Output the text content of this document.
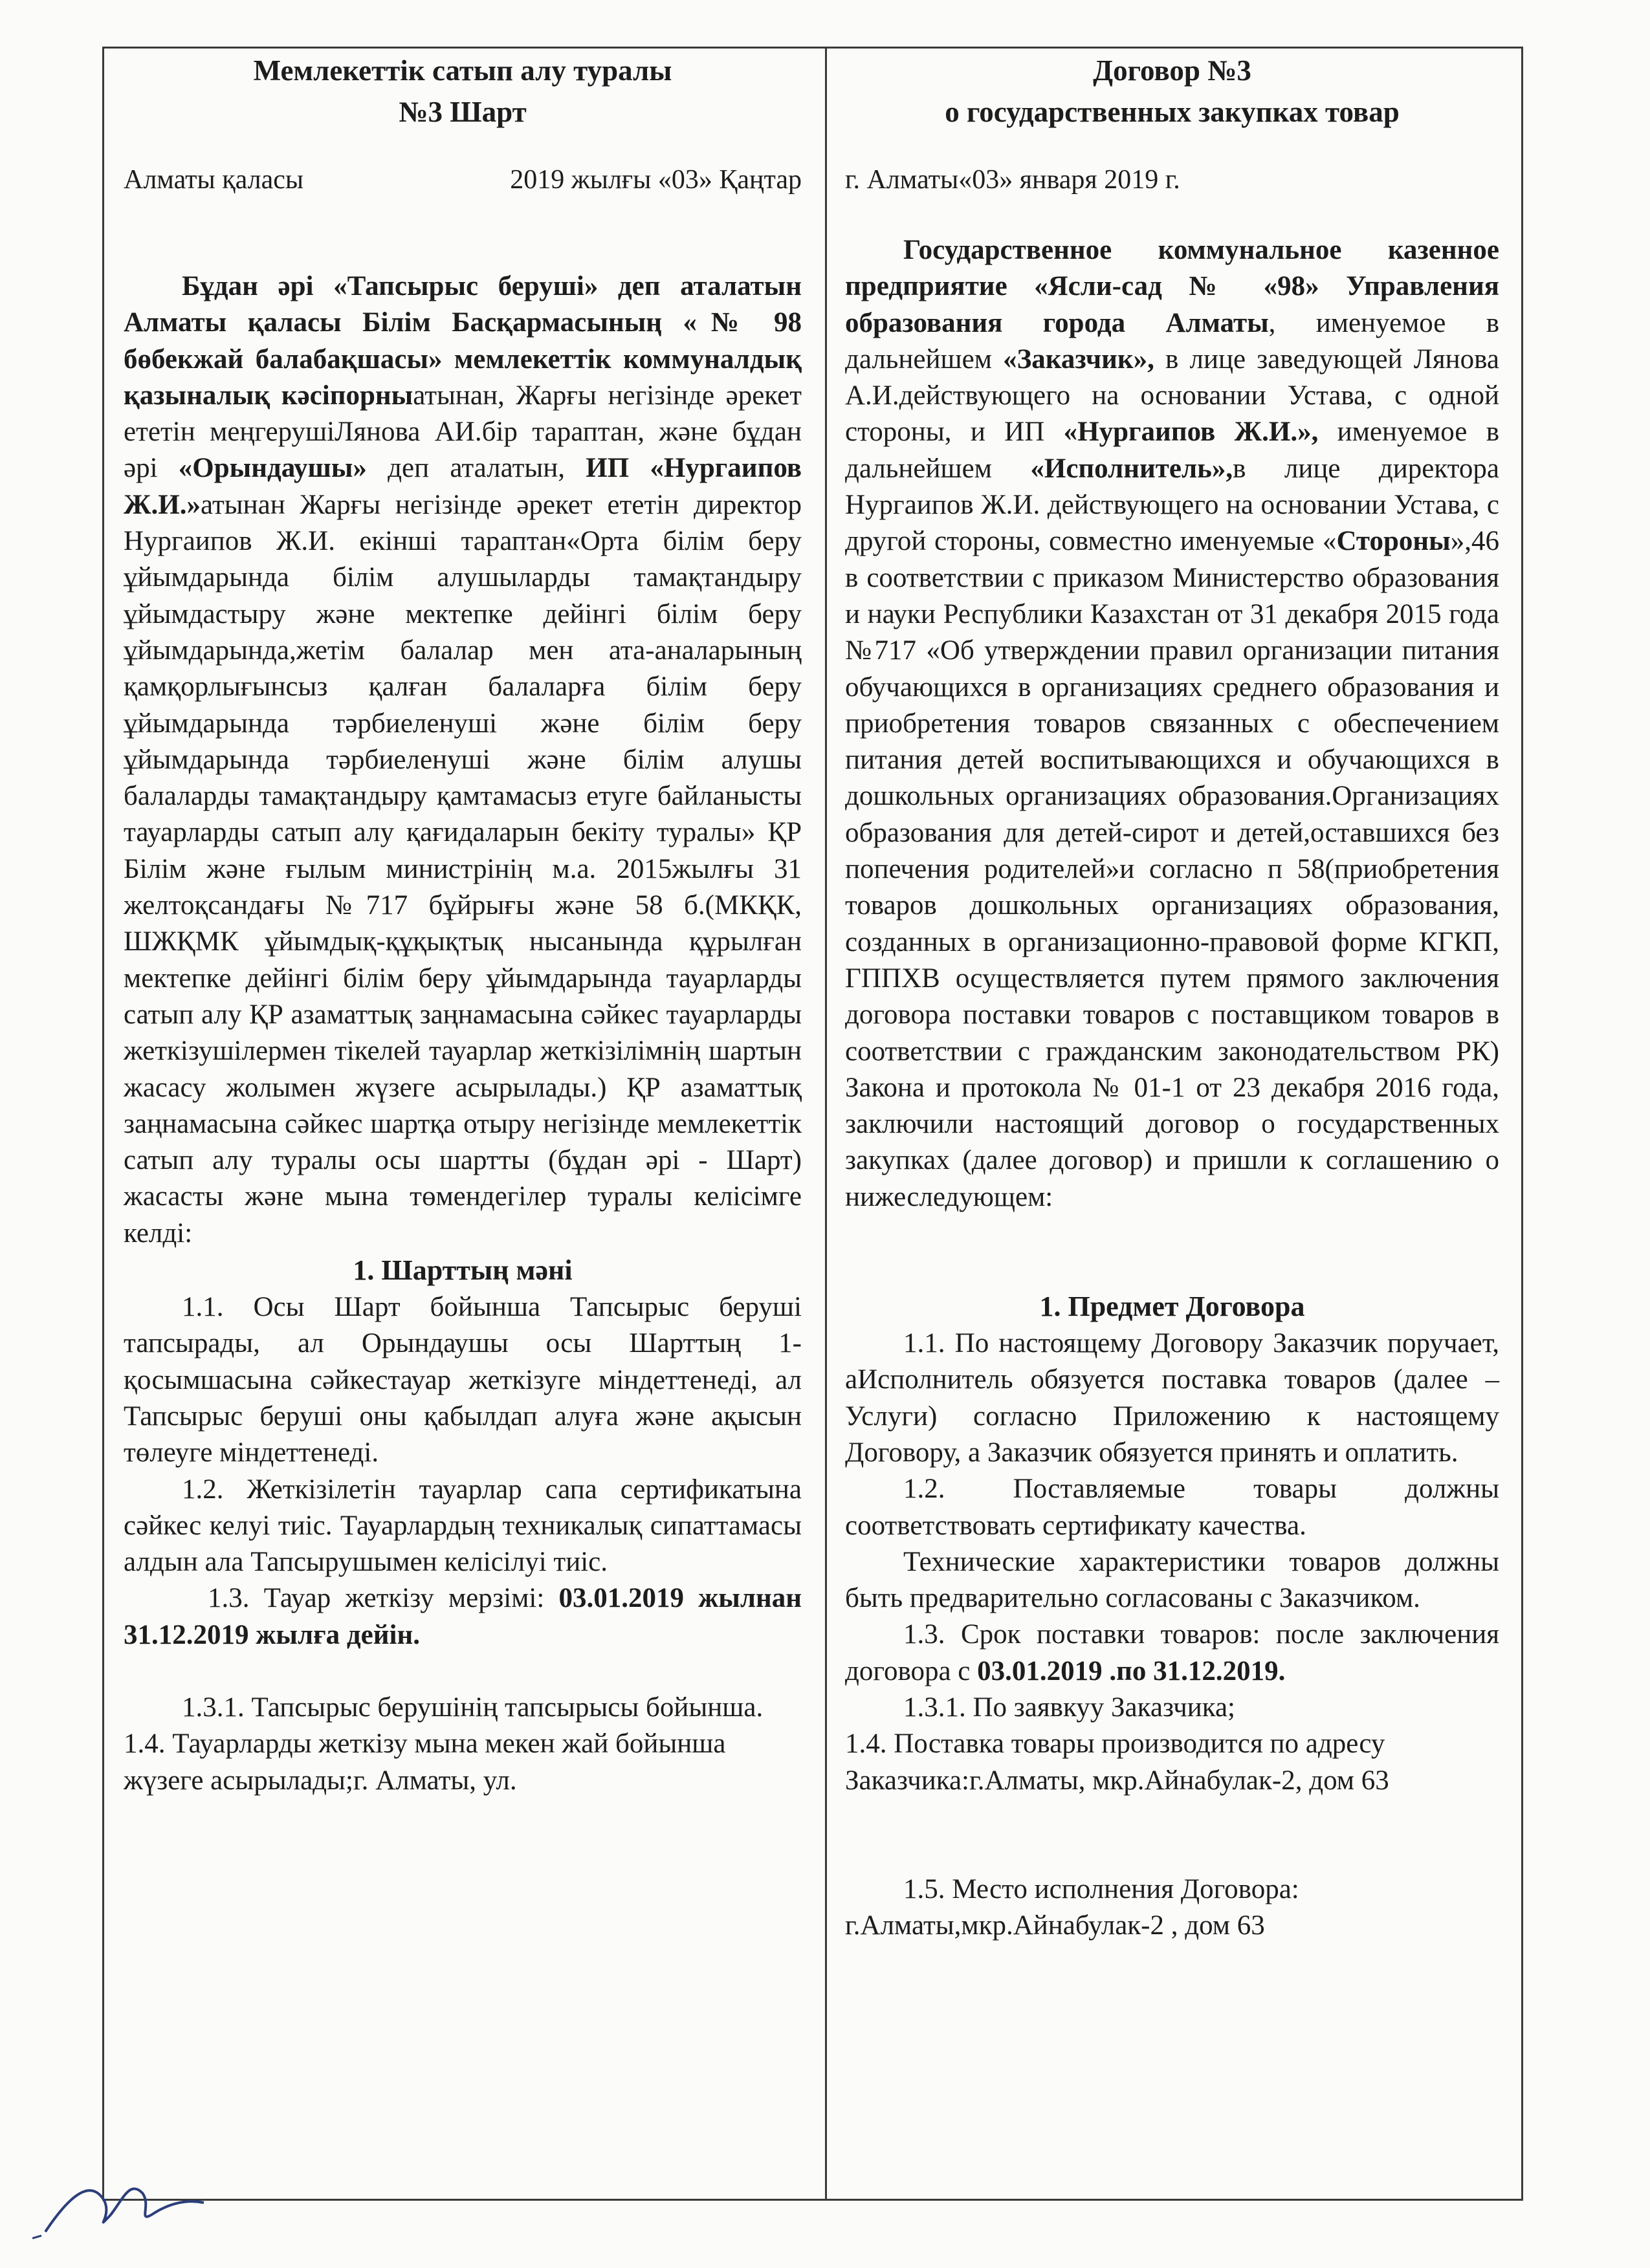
Мемлекеттік сатып алу туралы
№3 Шарт
Алматы қаласы	2019 жылғы «03» Қаңтар

Бұдан әрі «Тапсырыс беруші» деп аталатын Алматы қаласы Білім Басқармасының «№ 98 бөбекжай балабақшасы» мемлекеттік коммуналдық қазыналық кәсіпорныатынан, Жарғы негізінде әрекет ететін меңгерушіЛянова АИ.бір тараптан, және бұдан әрі «Орындаушы» деп аталатын, ИП «Нургаипов Ж.И.»атынан Жарғы негізінде әрекет ететін директор Нургаипов Ж.И. екінші тараптан«Орта білім беру ұйымдарында білім алушыларды тамақтандыру ұйымдастыру және мектепке дейінгі білім беру ұйымдарында,жетім балалар мен ата-аналарының қамқорлығынсыз қалған балаларға білім беру ұйымдарында тәрбиеленуші және білім беру ұйымдарында тәрбиеленуші және білім алушы балаларды тамақтандыру қамтамасыз етуге байланысты тауарларды сатып алу қағидаларын бекіту туралы» ҚР Білім және ғылым министрінің м.а. 2015жылғы 31 желтоқсандағы №717 бұйрығы және 58 б.(МКҚК, ШЖҚМК ұйымдық-құқықтық нысанында құрылған мектепке дейінгі білім беру ұйымдарында тауарларды сатып алу ҚР азаматтық заңнамасына сәйкес тауарларды жеткізушілермен тікелей тауарлар жеткізілімнің шартын жасасу жолымен жүзеге асырылады.) ҚР азаматтық заңнамасына сәйкес шартқа отыру негізінде мемлекеттік сатып алу туралы осы шартты (бұдан әрі - Шарт) жасасты және мына төмендегілер туралы келісімге келді:

1. Шарттың мәні

1.1. Осы Шарт бойынша Тапсырыс беруші тапсырады, ал Орындаушы осы Шарттың 1-қосымшасына сәйкестауар жеткізуге міндеттенеді, ал Тапсырыс беруші оны қабылдап алуға және ақысын төлеуге міндеттенеді.

1.2. Жеткізілетін тауарлар сапа сертификатына сәйкес келуі тиіс. Тауарлардың техникалық сипаттамасы алдын ала Тапсырушымен келісілуі тиіс.

1.3. Тауар жеткізу мерзімі: 03.01.2019 жылнан 31.12.2019 жылға дейін.

1.3.1. Тапсырыс берушінің тапсырысы бойынша.

1.4. Тауарларды жеткізу мына мекен жай бойынша жүзеге асырылады;г. Алматы, ул.

Договор №3
о государственных закупках товар
г. Алматы«03» января 2019 г.

Государственное коммунальное казенное предприятие «Ясли-сад № «98» Управления образования города Алматы, именуемое в дальнейшем «Заказчик», в лице заведующей Лянова А.И.действующего на основании Устава, с одной стороны, и ИП «Нургаипов Ж.И.», именуемое в дальнейшем «Исполнитель»,в лице директора Нургаипов Ж.И. действующего на основании Устава, с другой стороны, совместно именуемые «Стороны»,46 в соответствии с приказом Министерство образования и науки Республики Казахстан от 31 декабря 2015 года №717 «Об утверждении правил организации питания обучающихся в организациях среднего образования и приобретения товаров связанных с обеспечением питания детей воспитывающихся и обучающихся в дошкольных организациях образования.Организациях образования для детей-сирот и детей,оставшихся без попечения родителей»и согласно п 58(приобретения товаров дошкольных организациях образования, созданных в организационно-правовой форме КГКП, ГППХВ осуществляется путем прямого заключения договора поставки товаров с поставщиком товаров в соответствии с гражданским законодательством РК) Закона и протокола № 01-1 от 23 декабря 2016 года, заключили настоящий договор о государственных закупках (далее договор) и пришли к соглашению о нижеследующем:

1. Предмет Договора

1.1. По настоящему Договору Заказчик поручает, аИсполнитель обязуется поставка товаров (далее – Услуги) согласно Приложению к настоящему Договору, а Заказчик обязуется принять и оплатить.

1.2. Поставляемые товары должны соответствовать сертификату качества.

Технические характеристики товаров должны быть предварительно согласованы с Заказчиком.

1.3. Срок поставки товаров: после заключения договора с 03.01.2019 .по 31.12.2019.

1.3.1. По заявкуу Заказчика;

1.4. Поставка товары производится по адресу Заказчика:г.Алматы, мкр.Айнабулак-2, дом 63

1.5. Место исполнения Договора: г.Алматы,мкр.Айнабулак-2 , дом 63
